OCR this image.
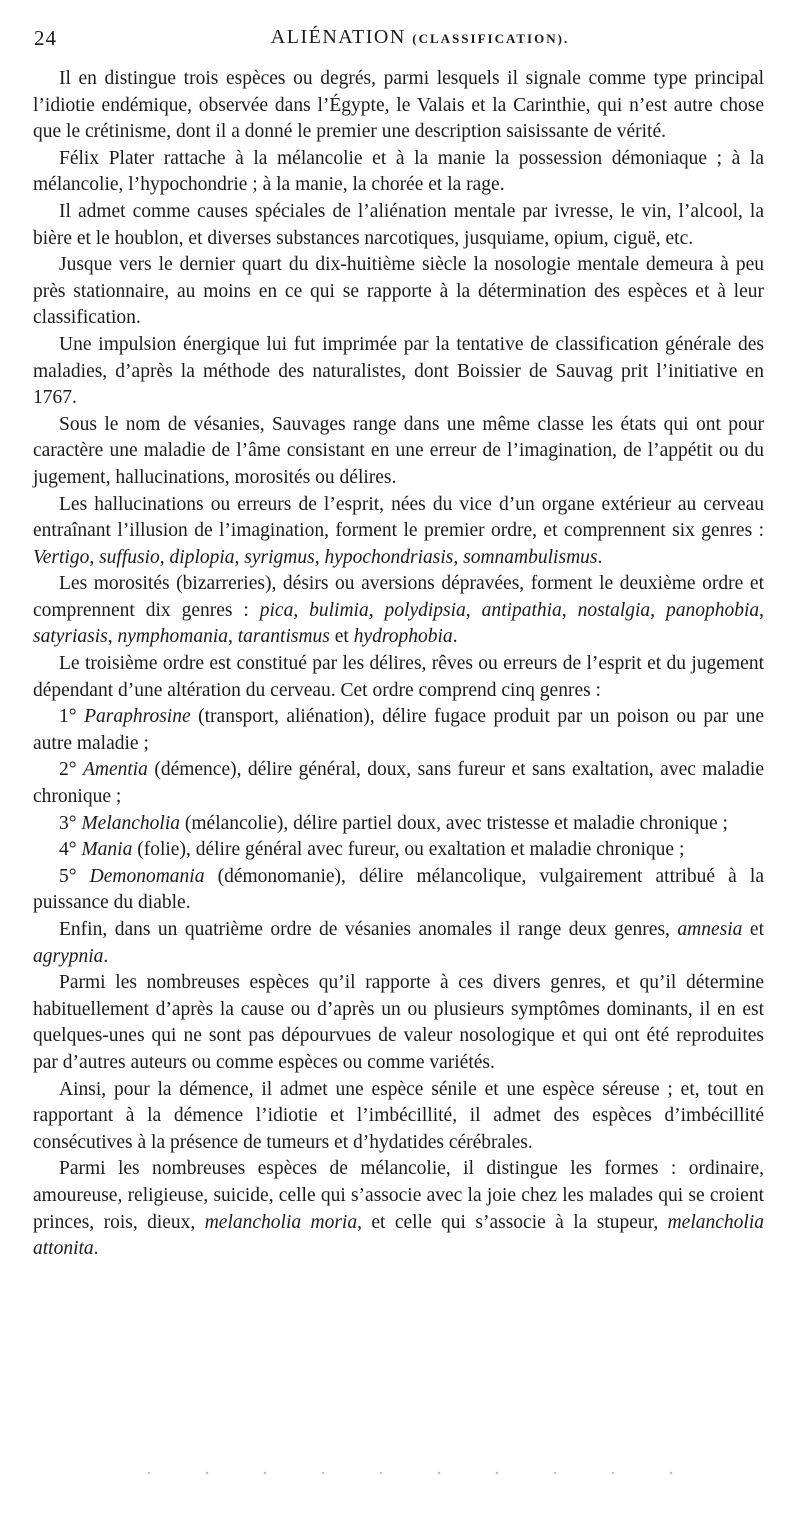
24	ALIÉNATION (CLASSIFICATION).

Il en distingue trois espèces ou degrés, parmi lesquels il signale comme type principal l’idiotie endémique, observée dans l’Égypte, le Valais et la Carinthie, qui n’est autre chose que le crétinisme, dont il a donné le premier une description saisissante de vérité.

Félix Plater rattache à la mélancolie et à la manie la possession démoniaque ; à la mélancolie, l’hypochondrie ; à la manie, la chorée et la rage.

Il admet comme causes spéciales de l’aliénation mentale par ivresse, le vin, l’alcool, la bière et le houblon, et diverses substances narcotiques, jusquiame, opium, ciguë, etc.

Jusque vers le dernier quart du dix-huitième siècle la nosologie mentale demeura à peu près stationnaire, au moins en ce qui se rapporte à la détermination des espèces et à leur classification.

Une impulsion énergique lui fut imprimée par la tentative de classification générale des maladies, d’après la méthode des naturalistes, dont Boissier de Sauvag prit l’initiative en 1767.

Sous le nom de vésanies, Sauvages range dans une même classe les états qui ont pour caractère une maladie de l’âme consistant en une erreur de l’imagination, de l’appétit ou du jugement, hallucinations, morosités ou délires.

Les hallucinations ou erreurs de l’esprit, nées du vice d’un organe extérieur au cerveau entraînant l’illusion de l’imagination, forment le premier ordre, et comprennent six genres : Vertigo, suffusio, diplopia, syrigmus, hypochondriasis, somnambulismus.

Les morosités (bizarreries), désirs ou aversions dépravées, forment le deuxième ordre et comprennent dix genres : pica, bulimia, polydipsia, antipathia, nostalgia, panophobia, satyriasis, nymphomania, tarantismus et hydrophobia.

Le troisième ordre est constitué par les délires, rêves ou erreurs de l’esprit et du jugement dépendant d’une altération du cerveau. Cet ordre comprend cinq genres :

1° Paraphrosine (transport, aliénation), délire fugace produit par un poison ou par une autre maladie ;

2° Amentia (démence), délire général, doux, sans fureur et sans exaltation, avec maladie chronique ;

3° Melancholia (mélancolie), délire partiel doux, avec tristesse et maladie chronique ;

4° Mania (folie), délire général avec fureur, ou exaltation et maladie chronique ;

5° Demonomania (démonomanie), délire mélancolique, vulgairement attribué à la puissance du diable.

Enfin, dans un quatrième ordre de vésanies anomales il range deux genres, amnesia et agrypnia.

Parmi les nombreuses espèces qu’il rapporte à ces divers genres, et qu’il détermine habituellement d’après la cause ou d’après un ou plusieurs symptômes dominants, il en est quelques-unes qui ne sont pas dépourvues de valeur nosologique et qui ont été reproduites par d’autres auteurs ou comme espèces ou comme variétés.

Ainsi, pour la démence, il admet une espèce sénile et une espèce séreuse ; et, tout en rapportant à la démence l’idiotie et l’imbécillité, il admet des espèces d’imbécillité consécutives à la présence de tumeurs et d’hydatides cérébrales.

Parmi les nombreuses espèces de mélancolie, il distingue les formes : ordinaire, amoureuse, religieuse, suicide, celle qui s’associe avec la joie chez les malades qui se croient princes, rois, dieux, melancholia moria, et celle qui s’associe à la stupeur, melancholia attonita.
